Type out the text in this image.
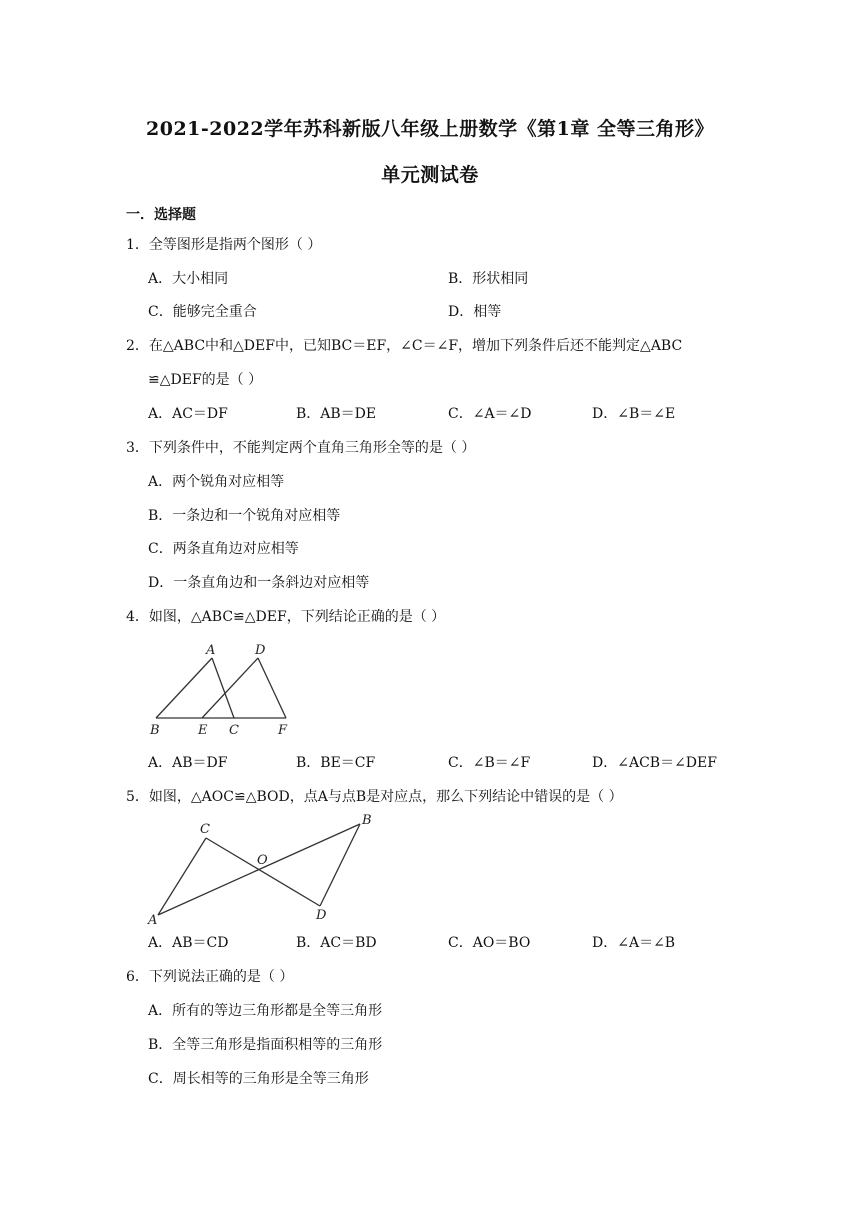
2021-2022学年苏科新版八年级上册数学《第1章 全等三角形》
单元测试卷
一．选择题
1．全等图形是指两个图形（ ）
A．大小相同	B．形状相同
C．能够完全重合	D．相等
2．在△ABC中和△DEF中，已知BC＝EF，∠C＝∠F，增加下列条件后还不能判定△ABC
≌△DEF的是（ ）
A．AC＝DF	B．AB＝DE	C．∠A＝∠D	D．∠B＝∠E
3．下列条件中，不能判定两个直角三角形全等的是（ ）
A．两个锐角对应相等
B．一条边和一个锐角对应相等
C．两条直角边对应相等
D．一条直角边和一条斜边对应相等
4．如图，△ABC≌△DEF，下列结论正确的是（ ）
A	D
B	E C	F
A．AB＝DF	B．BE＝CF	C．∠B＝∠F	D．∠ACB＝∠DEF
5．如图，△AOC≌△BOD，点A与点B是对应点，那么下列结论中错误的是（ ）
C
B
O
A	D
A．AB＝CD	B．AC＝BD	C．AO＝BO	D．∠A＝∠B
6．下列说法正确的是（ ）
A．所有的等边三角形都是全等三角形
B．全等三角形是指面积相等的三角形
C．周长相等的三角形是全等三角形
